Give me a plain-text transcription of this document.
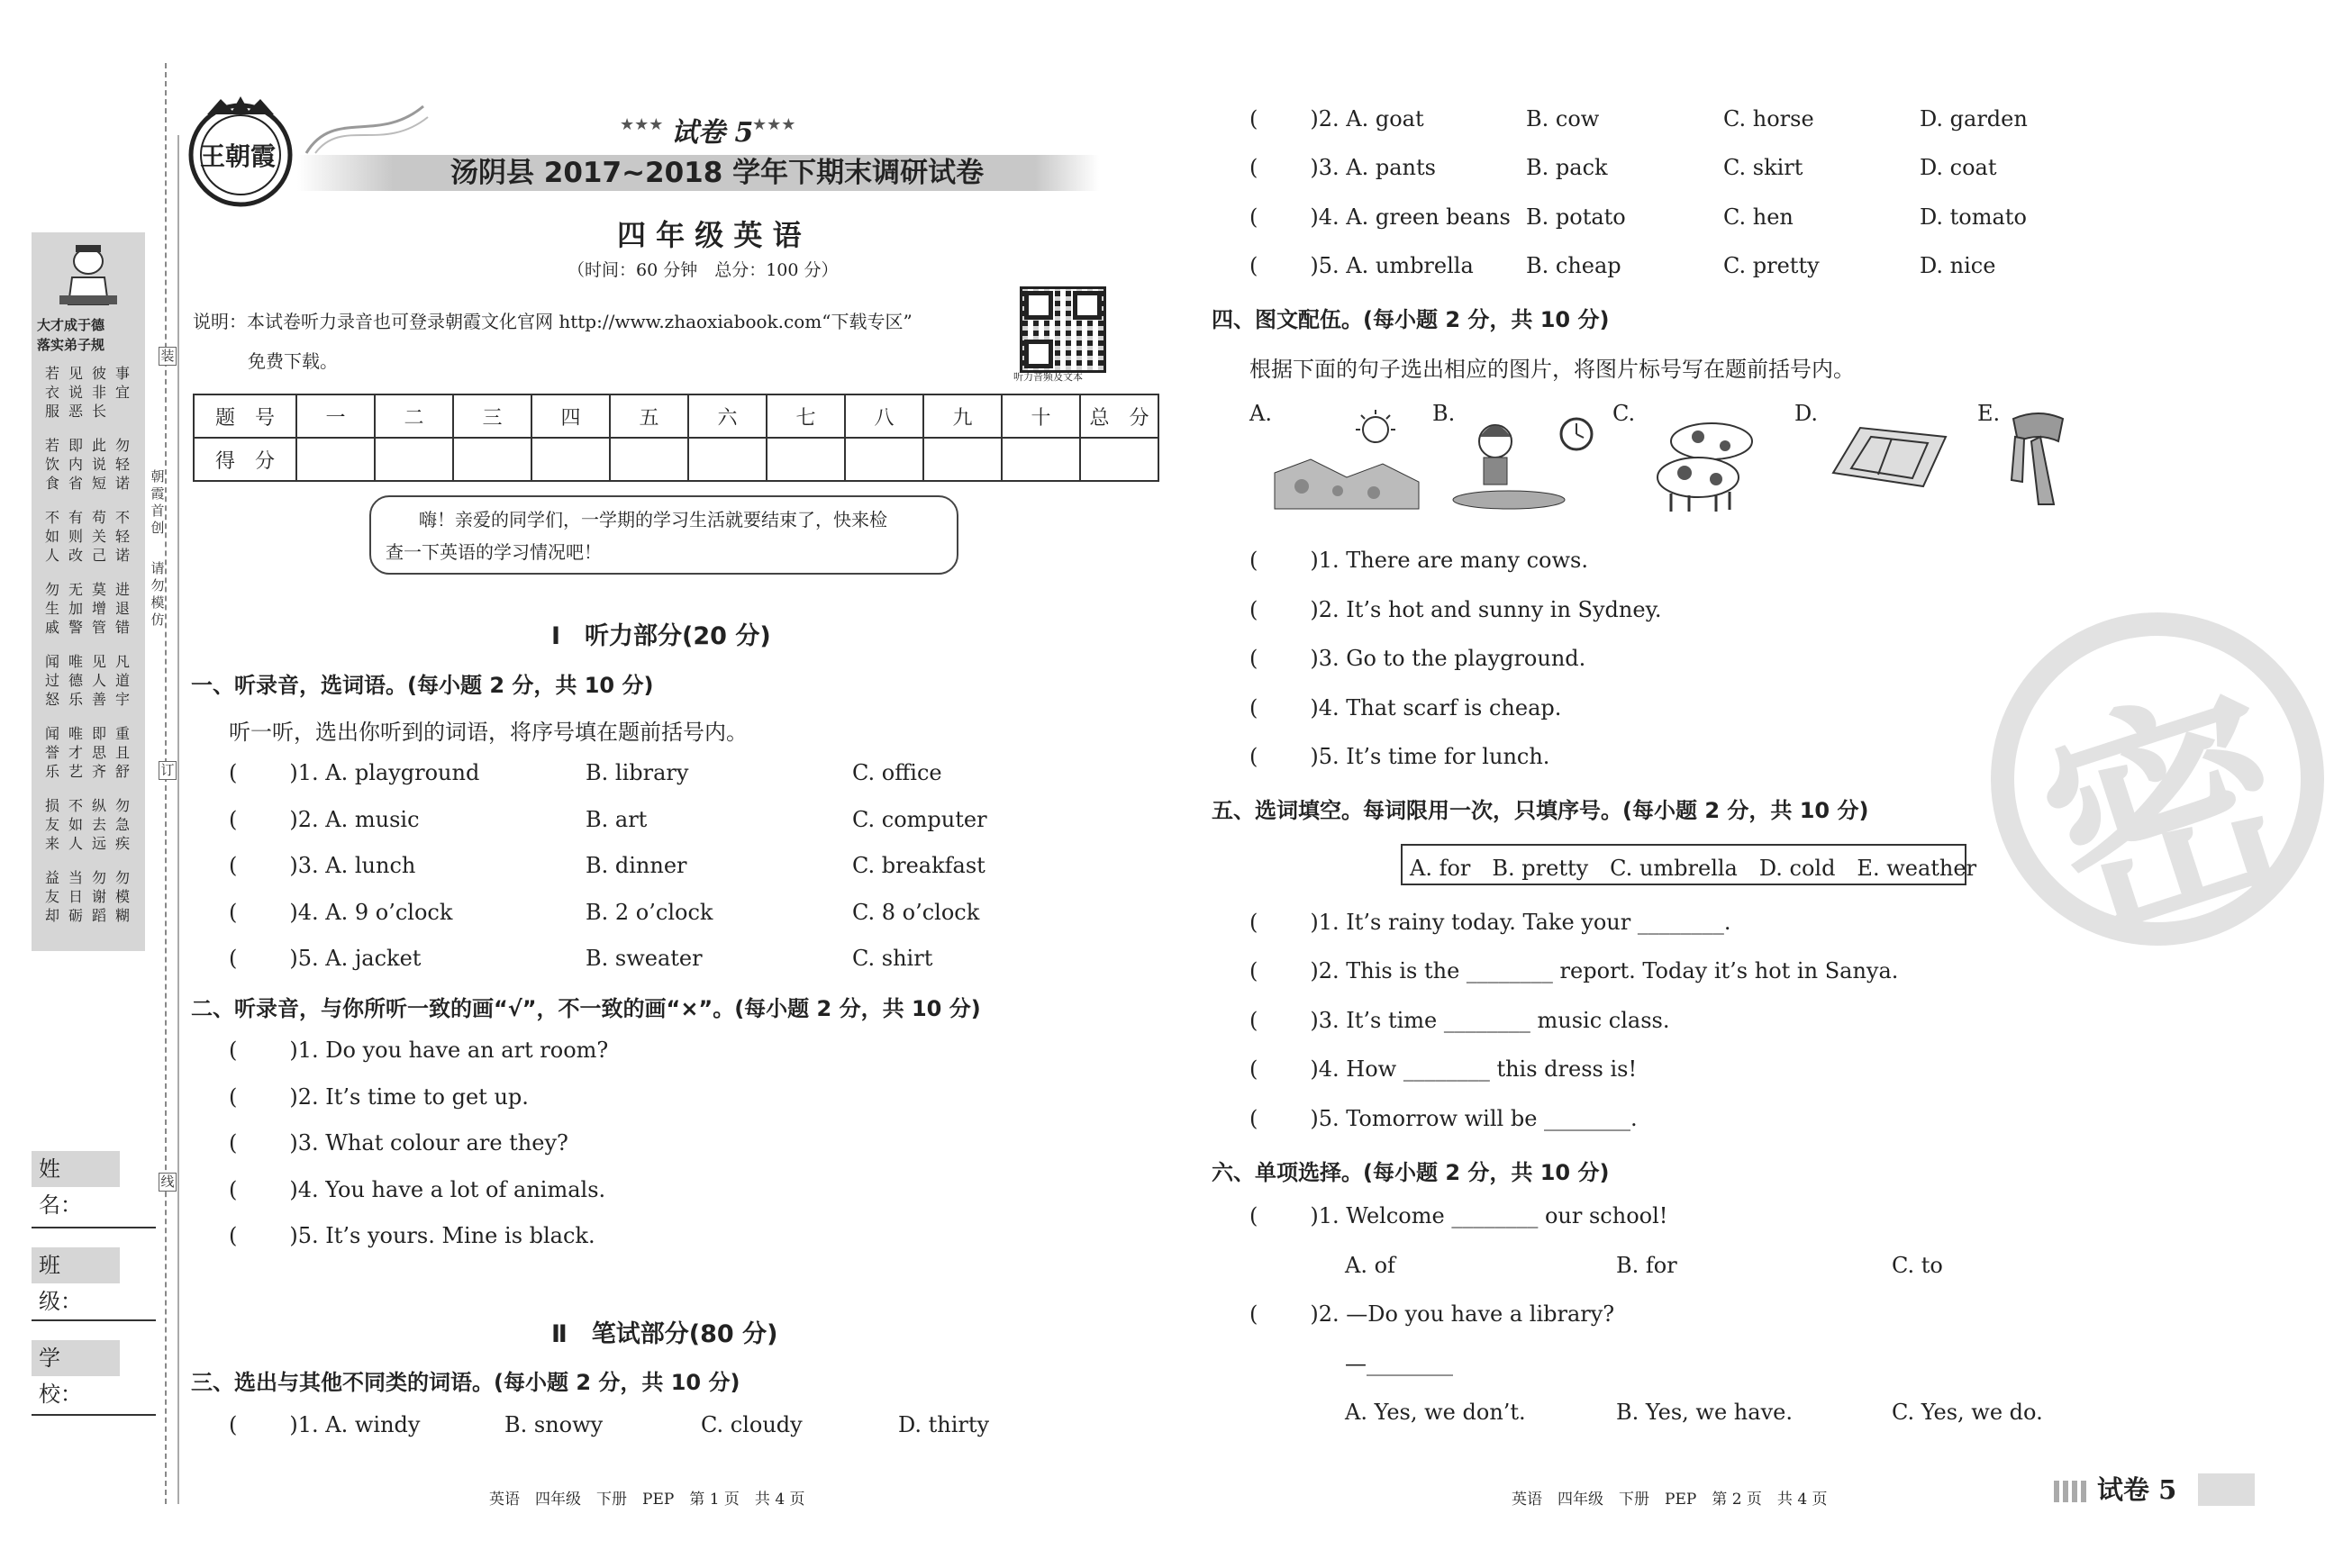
装
订
线
朝霞首创
请勿模仿
大才成于德
落实弟子规
若衣服
见说恶
彼非长
事宜
若饮食
即内省
此说短
勿轻诺
不如人
有则改
苟关己
不轻诺
勿生戚
无加警
莫增管
进退错
闻过怒
唯德乐
见人善
凡道宇
闻誉乐
唯才艺
即思齐
重且舒
损友来
不如人
纵去远
勿急疾
益友却
当日砺
勿谢蹈
勿模糊
姓　名：
班　级：
学　校：
王朝霞
★★★ 试卷 5
★★★
汤阴县 2017~2018 学年下期末调研试卷
四 年 级 英 语
（时间：60 分钟　总分：100 分）
说明：本试卷听力录音也可登录朝霞文化官网 http://www.zhaoxiabook.com“下载专区”
免费下载。
听力音频及文本
题　号	一	二	三	四	五	六	七	八	九	十	总　分
得　分											
嗨！亲爱的同学们，一学期的学习生活就要结束了，快来检
查一下英语的学习情况吧！
Ⅰ　听力部分(20 分)
一、听录音，选词语。(每小题 2 分，共 10 分)
听一听，选出你听到的词语，将序号填在题前括号内。
( )1. A. playground	B. library	C. office
( )2. A. music	B. art	C. computer
( )3. A. lunch	B. dinner	C. breakfast
( )4. A. 9 o’clock	B. 2 o’clock	C. 8 o’clock
( )5. A. jacket	B. sweater	C. shirt
二、听录音，与你所听一致的画“√”，不一致的画“×”。(每小题 2 分，共 10 分)
( )1. Do you have an art room?
( )2. It’s time to get up.
( )3. What colour are they?
( )4. You have a lot of animals.
( )5. It’s yours. Mine is black.
Ⅱ　笔试部分(80 分)
三、选出与其他不同类的词语。(每小题 2 分，共 10 分)
( )1. A. windy	B. snowy	C. cloudy	D. thirty
英语　四年级　下册　PEP　第 1 页　共 4 页
密
( )2. A. goat	B. cow	C. horse	D. garden
( )3. A. pants	B. pack	C. skirt	D. coat
( )4. A. green beans B. potato	C. hen	D. tomato
( )5. A. umbrella B. cheap	C. pretty	D. nice
四、图文配伍。(每小题 2 分，共 10 分)
根据下面的句子选出相应的图片，将图片标号写在题前括号内。
A.	B.	C.	D.	E.
( )1. There are many cows.
( )2. It’s hot and sunny in Sydney.
( )3. Go to the playground.
( )4. That scarf is cheap.
( )5. It’s time for lunch.
五、选词填空。每词限用一次，只填序号。(每小题 2 分，共 10 分)
A. for　B. pretty　C. umbrella　D. cold　E. weather
( )1. It’s rainy today. Take your ________.
( )2. This is the ________ report. Today it’s hot in Sanya.
( )3. It’s time ________ music class.
( )4. How ________ this dress is!
( )5. Tomorrow will be ________.
六、单项选择。(每小题 2 分，共 10 分)
( )1. Welcome ________ our school!
A. of	B. for	C. to
( )2. —Do you have a library?
—________
A. Yes, we don’t.	B. Yes, we have.	C. Yes, we do.
英语　四年级　下册　PEP　第 2 页　共 4 页	试卷 5
